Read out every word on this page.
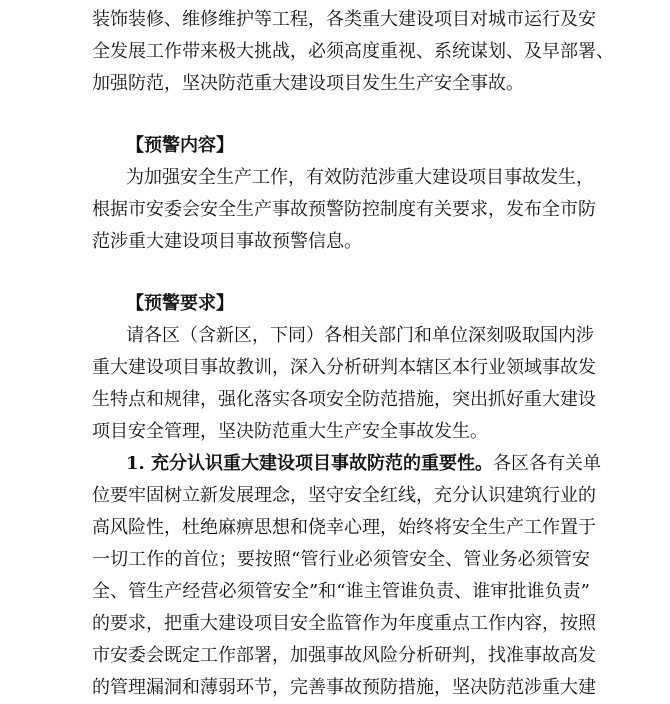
装饰装修、维修维护等工程，各类重大建设项目对城市运行及安
全发展工作带来极大挑战，必须高度重视、系统谋划、及早部署、
加强防范，坚决防范重大建设项目发生生产安全事故。
【预警内容】
为加强安全生产工作，有效防范涉重大建设项目事故发生，
根据市安委会安全生产事故预警防控制度有关要求，发布全市防
范涉重大建设项目事故预警信息。
【预警要求】
请各区（含新区，下同）各相关部门和单位深刻吸取国内涉
重大建设项目事故教训，深入分析研判本辖区本行业领域事故发
生特点和规律，强化落实各项安全防范措施，突出抓好重大建设
项目安全管理，坚决防范重大生产安全事故发生。
1. 充分认识重大建设项目事故防范的重要性。 各区各有关单
位要牢固树立新发展理念，坚守安全红线，充分认识建筑行业的
高风险性，杜绝麻痹思想和侥幸心理，始终将安全生产工作置于
一切工作的首位；要按照“管行业必须管安全、管业务必须管安
全、管生产经营必须管安全”和“谁主管谁负责、谁审批谁负责”
的要求，把重大建设项目安全监管作为年度重点工作内容，按照
市安委会既定工作部署，加强事故风险分析研判，找准事故高发
的管理漏洞和薄弱环节，完善事故预防措施，坚决防范涉重大建
